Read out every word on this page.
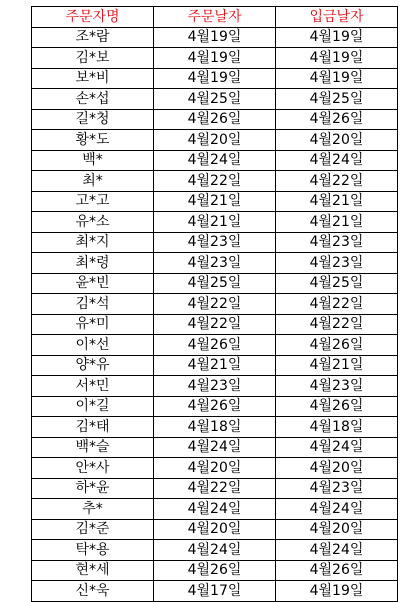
주문자명	주문날자	입금날자
조*람	4월19일	4월19일
김*보	4월19일	4월19일
보*비	4월19일	4월19일
손*섭	4월25일	4월25일
길*청	4월26일	4월26일
황*도	4월20일	4월20일
백*	4월24일	4월24일
최*	4월22일	4월22일
고*고	4월21일	4월21일
유*소	4월21일	4월21일
최*지	4월23일	4월23일
최*령	4월23일	4월23일
윤*빈	4월25일	4월25일
김*석	4월22일	4월22일
유*미	4월22일	4월22일
이*선	4월26일	4월26일
양*유	4월21일	4월21일
서*민	4월23일	4월23일
이*길	4월26일	4월26일
김*태	4월18일	4월18일
백*슬	4월24일	4월24일
안*사	4월20일	4월20일
하*윤	4월22일	4월23일
추*	4월24일	4월24일
김*준	4월20일	4월20일
탁*용	4월24일	4월24일
현*세	4월26일	4월26일
신*욱	4월17일	4월19일
